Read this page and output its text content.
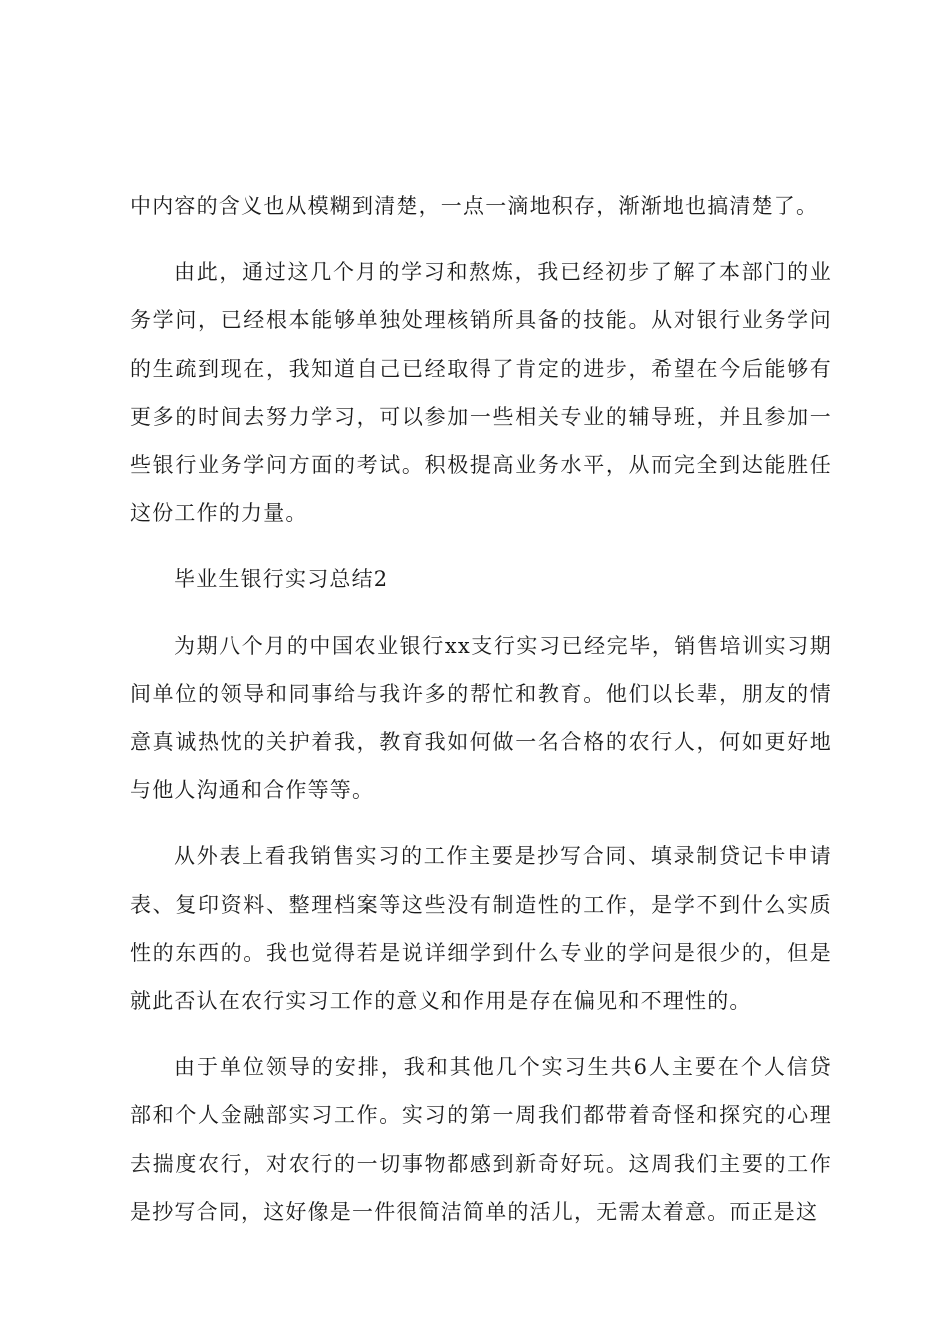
中内容的含义也从模糊到清楚，一点一滴地积存，渐渐地也搞清楚了。

由此，通过这几个月的学习和熬炼，我已经初步了解了本部门的业务学问，已经根本能够单独处理核销所具备的技能。从对银行业务学问的生疏到现在，我知道自己已经取得了肯定的进步，希望在今后能够有更多的时间去努力学习，可以参加一些相关专业的辅导班，并且参加一些银行业务学问方面的考试。积极提高业务水平，从而完全到达能胜任这份工作的力量。

毕业生银行实习总结2

为期八个月的中国农业银行xx支行实习已经完毕，销售培训实习期间单位的领导和同事给与我许多的帮忙和教育。他们以长辈，朋友的情意真诚热忱的关护着我，教育我如何做一名合格的农行人，何如更好地与他人沟通和合作等等。

从外表上看我销售实习的工作主要是抄写合同、填录制贷记卡申请表、复印资料、整理档案等这些没有制造性的工作，是学不到什么实质性的东西的。我也觉得若是说详细学到什么专业的学问是很少的，但是就此否认在农行实习工作的意义和作用是存在偏见和不理性的。

由于单位领导的安排，我和其他几个实习生共6人主要在个人信贷部和个人金融部实习工作。实习的第一周我们都带着奇怪和探究的心理去揣度农行，对农行的一切事物都感到新奇好玩。这周我们主要的工作是抄写合同，这好像是一件很简洁简单的活儿，无需太着意。而正是这
